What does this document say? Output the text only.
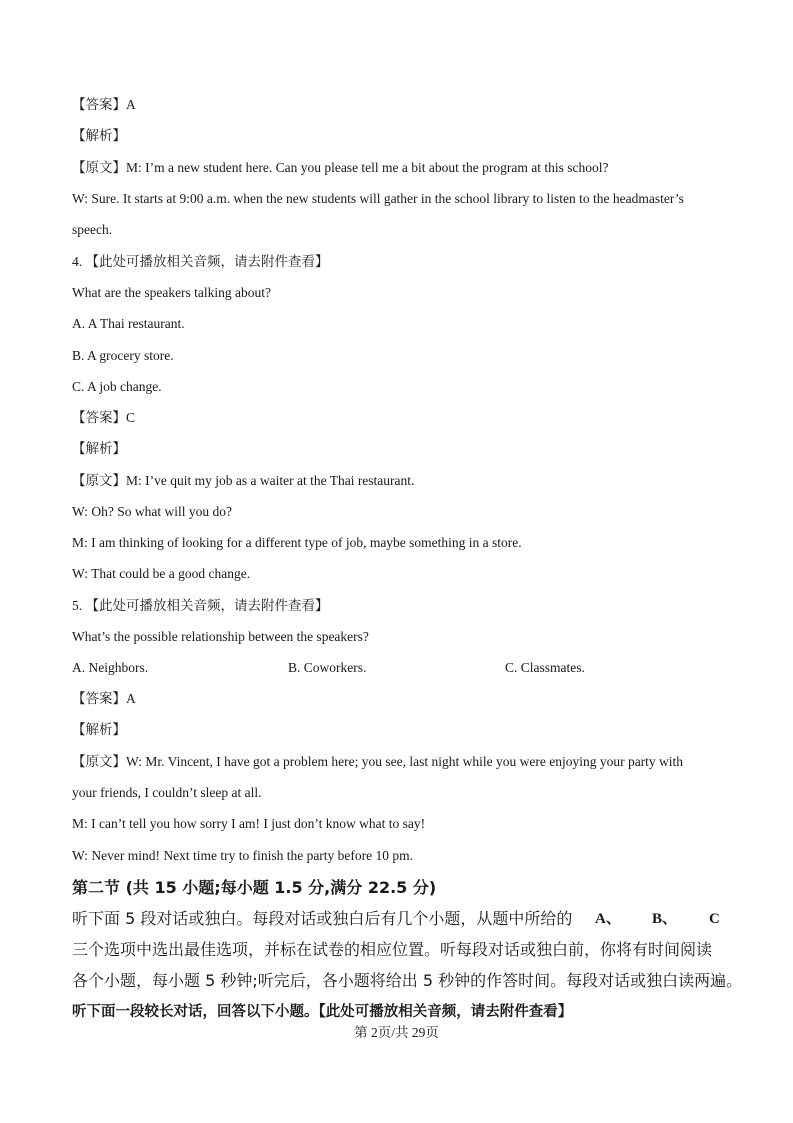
【答案】A
【解析】
【原文】M: I’m a new student here. Can you please tell me a bit about the program at this school?
W: Sure. It starts at 9:00 a.m. when the new students will gather in the school library to listen to the headmaster’s
speech.
4. 【此处可播放相关音频，请去附件查看】
What are the speakers talking about?
A. A Thai restaurant.
B. A grocery store.
C. A job change.
【答案】C
【解析】
【原文】M: I’ve quit my job as a waiter at the Thai restaurant.
W: Oh? So what will you do?
M: I am thinking of looking for a different type of job, maybe something in a store.
W: That could be a good change.
5. 【此处可播放相关音频，请去附件查看】
What’s the possible relationship between the speakers?
A. Neighbors.	B. Coworkers.	C. Classmates.
【答案】A
【解析】
【原文】W: Mr. Vincent, I have got a problem here; you see, last night while you were enjoying your party with
your friends, I couldn’t sleep at all.
M: I can’t tell you how sorry I am! I just don’t know what to say!
W: Never mind! Next time try to finish the party before 10 pm.
第二节 (共 15 小题;每小题 1.5 分,满分 22.5 分)
听下面 5 段对话或独白。每段对话或独白后有几个小题，从题中所给的 A、 B、 C
三个选项中选出最佳选项，并标在试卷的相应位置。听每段对话或独白前，你将有时间阅读
各个小题，每小题 5 秒钟;听完后，各小题将给出 5 秒钟的作答时间。每段对话或独白读两遍。
听下面一段较长对话，回答以下小题。【此处可播放相关音频，请去附件查看】
第 2页/共 29页
